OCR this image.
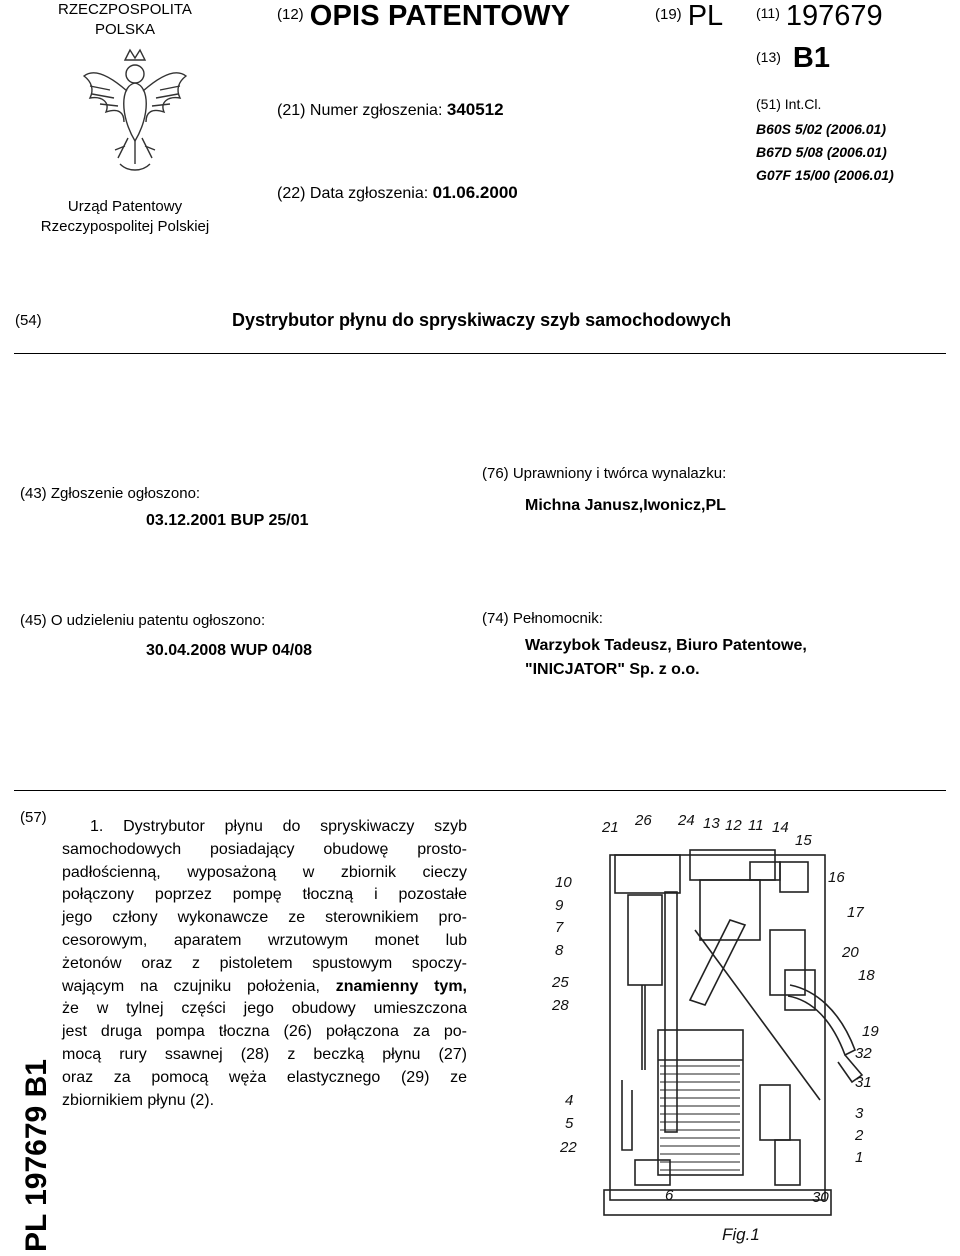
RZECZPOSPOLITA POLSKA
Urząd Patentowy Rzeczypospolitej Polskiej
(12) OPIS PATENTOWY	(19) PL (11) 197679
(13) B1
(21) Numer zgłoszenia: 340512
(22) Data zgłoszenia: 01.06.2000
(51) Int.Cl.
B60S 5/02 (2006.01)
B67D 5/08 (2006.01)
G07F 15/00 (2006.01)
(54)	Dystrybutor płynu do spryskiwaczy szyb samochodowych
(43) Zgłoszenie ogłoszono:
03.12.2001 BUP 25/01
(76) Uprawniony i twórca wynalazku:
Michna Janusz,Iwonicz,PL
(45) O udzieleniu patentu ogłoszono:
30.04.2008 WUP 04/08
(74) Pełnomocnik:
Warzybok Tadeusz, Biuro Patentowe,
"INICJATOR" Sp. z o.o.
(57)
1. Dystrybutor płynu do spryskiwaczy szyb
samochodowych posiadający obudowę prosto-
padłościenną, wyposażoną w zbiornik cieczy
połączony poprzez pompę tłoczną i pozostałe
jego człony wykonawcze ze sterownikiem pro-
cesorowym, aparatem wrzutowym monet lub
żetonów oraz z pistoletem spustowym spoczy-
wającym na czujniku położenia, znamienny tym,
że w tylnej części jego obudowy umieszczona
jest druga pompa tłoczna (26) połączona za po-
mocą rury ssawnej (28) z beczką płynu (27)
oraz za pomocą węża elastycznego (29) ze
zbiornikiem płynu (2).
PL 197679 B1
21 26 24 13 12 11 14
15
16
17
20
18
19
32
31
3
2
1
30
6
22
5
4
28
25
8
7
9
10
Fig.1
